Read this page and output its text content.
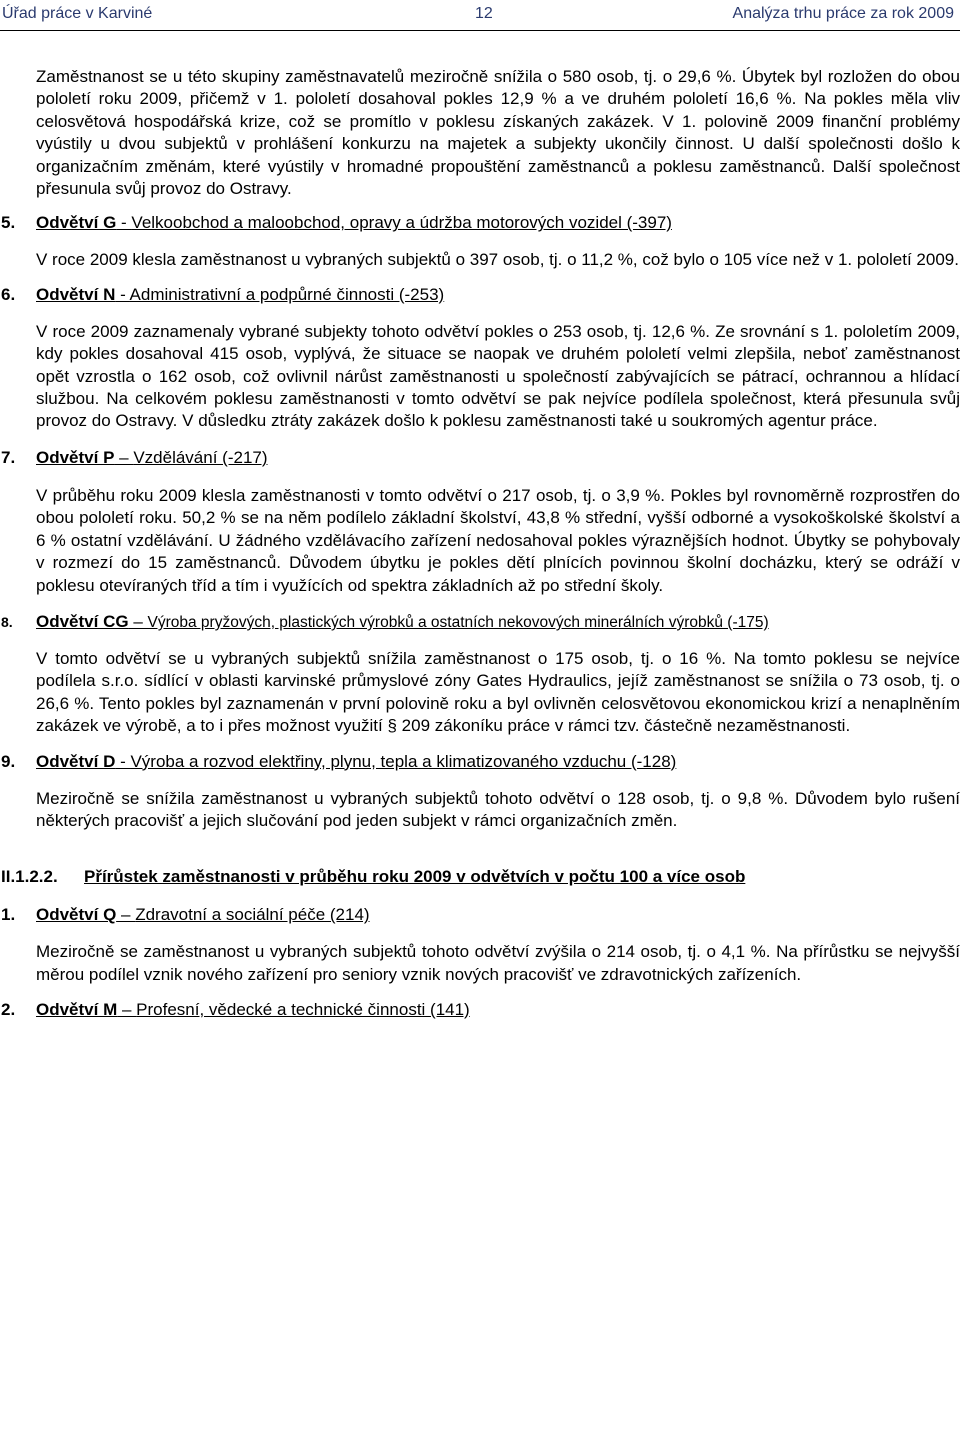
Úřad práce v Karviné	12	Analýza trhu práce za rok 2009

Zaměstnanost se u této skupiny zaměstnavatelů meziročně snížila o 580 osob, tj. o 29,6 %. Úbytek byl rozložen do obou pololetí roku 2009, přičemž v 1. pololetí dosahoval pokles 12,9 % a ve druhém pololetí 16,6 %. Na pokles měla vliv celosvětová hospodářská krize, což se promítlo v poklesu získaných zakázek. V 1. polovině 2009 finanční problémy vyústily u dvou subjektů v prohlášení konkurzu na majetek a subjekty ukončily činnost. U další společnosti došlo k organizačním změnám, které vyústily v hromadné propouštění zaměstnanců a poklesu zaměstnanců. Další společnost přesunula svůj provoz do Ostravy.

5. Odvětví G - Velkoobchod a maloobchod, opravy a údržba motorových vozidel (-397)

V roce 2009 klesla zaměstnanost u vybraných subjektů o 397 osob, tj. o 11,2 %, což bylo o 105 více než v 1. pololetí 2009.

6. Odvětví N - Administrativní a podpůrné činnosti (-253)

V roce 2009 zaznamenaly vybrané subjekty tohoto odvětví pokles o 253 osob, tj. 12,6 %. Ze srovnání s 1. pololetím 2009, kdy pokles dosahoval 415 osob, vyplývá, že situace se naopak ve druhém pololetí velmi zlepšila, neboť zaměstnanost opět vzrostla o 162 osob, což ovlivnil nárůst zaměstnanosti u společností zabývajících se pátrací, ochrannou a hlídací službou. Na celkovém poklesu zaměstnanosti v tomto odvětví se pak nejvíce podílela společnost, která přesunula svůj provoz do Ostravy. V důsledku ztráty zakázek došlo k poklesu zaměstnanosti také u soukromých agentur práce.

7. Odvětví P – Vzdělávání (-217)

V průběhu roku 2009 klesla zaměstnanosti v tomto odvětví o 217 osob, tj. o 3,9 %. Pokles byl rovnoměrně rozprostřen do obou pololetí roku. 50,2 % se na něm podílelo základní školství, 43,8 % střední, vyšší odborné a vysokoškolské školství a 6 % ostatní vzdělávání. U žádného vzdělávacího zařízení nedosahoval pokles výraznějších hodnot. Úbytky se pohybovaly v rozmezí do 15 zaměstnanců. Důvodem úbytku je pokles dětí plnících povinnou školní docházku, který se odráží v poklesu otevíraných tříd a tím i využících od spektra základních až po střední školy.

8. Odvětví CG – Výroba pryžových, plastických výrobků a ostatních nekovových minerálních výrobků (-175)

V tomto odvětví se u vybraných subjektů snížila zaměstnanost o 175 osob, tj. o 16 %. Na tomto poklesu se nejvíce podílela s.r.o. sídlící v oblasti karvinské průmyslové zóny Gates Hydraulics, jejíž zaměstnanost se snížila o 73 osob, tj. o 26,6 %. Tento pokles byl zaznamenán v první polovině roku a byl ovlivněn celosvětovou ekonomickou krizí a nenaplněním zakázek ve výrobě, a to i přes možnost využití § 209 zákoníku práce v rámci tzv. částečně nezaměstnanosti.

9. Odvětví D - Výroba a rozvod elektřiny, plynu, tepla a klimatizovaného vzduchu (-128)

Meziročně se snížila zaměstnanost u vybraných subjektů tohoto odvětví o 128 osob, tj. o 9,8 %. Důvodem bylo rušení některých pracovišť a jejich slučování pod jeden subjekt v rámci organizačních změn.

II.1.2.2. Přírůstek zaměstnanosti v průběhu roku 2009 v odvětvích v počtu 100 a více osob
1. Odvětví Q – Zdravotní a sociální péče (214)

Meziročně se zaměstnanost u vybraných subjektů tohoto odvětví zvýšila o 214 osob, tj. o 4,1 %. Na přírůstku se nejvyšší měrou podílel vznik nového zařízení pro seniory vznik nových pracovišť ve zdravotnických zařízeních.

2. Odvětví M – Profesní, vědecké a technické činnosti (141)
